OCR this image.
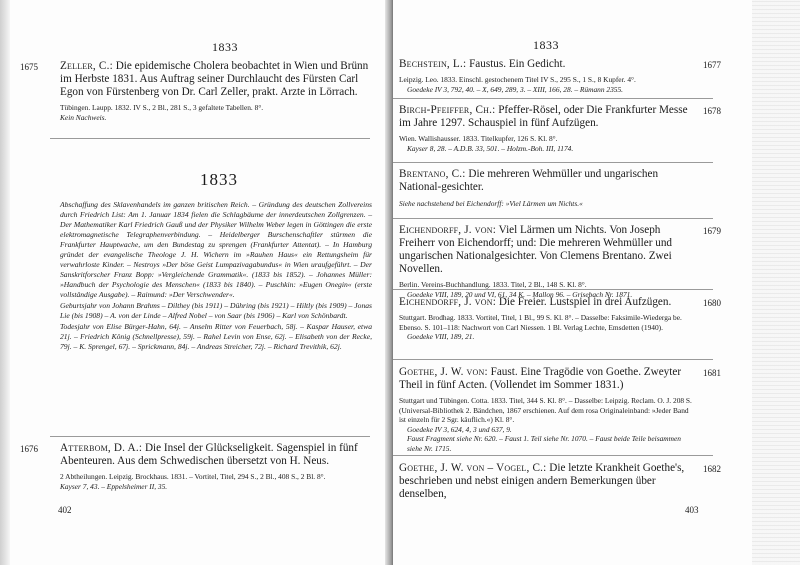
1833
1675 Zeller, C.: Die epidemische Cholera beobachtet in Wien und Brünn im Herbste 1831. Aus Auftrag seiner Durchlaucht des Fürsten Carl Egon von Fürstenberg von Dr. Carl Zeller, prakt. Arzte in Lörrach.
Tübingen. Laupp. 1832. IV S., 2 Bl., 281 S., 3 gefaltete Tabellen. 8°.
Kein Nachweis.
1833

Abschaffung des Sklavenhandels im ganzen britischen Reich. – Gründung des deutschen Zollvereins durch Friedrich List: Am 1. Januar 1834 fielen die Schlagbäume der innerdeutschen Zollgrenzen. – Der Mathematiker Karl Friedrich Gauß und der Physiker Wilhelm Weber legen in Göttingen die erste elektromagnetische Telegraphenverbindung. – Heidelberger Burschenschaftler stürmen die Frankfurter Hauptwache, um den Bundestag zu sprengen (Frankfurter Attentat). – In Hamburg gründet der evangelische Theologe J. H. Wichern im »Rauhen Haus« ein Rettungsheim für verwahrloste Kinder. – Nestroys »Der böse Geist Lumpazivagabundus« in Wien uraufgeführt. – Der Sanskritforscher Franz Bopp: »Vergleichende Grammatik«. (1833 bis 1852). – Johannes Müller: »Handbuch der Psychologie des Menschen« (1833 bis 1840). – Puschkin: »Eugen Onegin« (erste vollständige Ausgabe). – Raimund: »Der Verschwender«.

Geburtsjahr von Johann Brahms – Dilthey (bis 1911) – Dühring (bis 1921) – Hiltly (bis 1909) – Jonas Lie (bis 1908) – A. von der Linde – Alfred Nobel – von Saar (bis 1906) – Karl von Schönbardt.

Todesjahr von Elise Bürger-Hahn, 64j. – Anselm Ritter von Feuerbach, 58j. – Kaspar Hauser, etwa 21j. – Friedrich König (Schnellpresse), 59j. – Rahel Levin von Ense, 62j. – Elisabeth von der Recke, 79j. – K. Sprengel, 67j. – Sprickmann, 84j. – Andreas Streicher, 72j. – Richard Trevithik, 62j.

1676 Atterbom, D. A.: Die Insel der Glückseligkeit. Sagenspiel in fünf Abenteuren. Aus dem Schwedischen übersetzt von H. Neus.
2 Abtheilungen. Leipzig. Brockhaus. 1831. – Vortitel, Titel, 294 S., 2 Bl., 408 S., 2 Bl. 8°.
Kayser 7, 43. – Eppelsheimer II, 35.
402
1833
Bechstein, L.: Faustus. Ein Gedicht.	1677
Leipzig. Leo. 1833. Einschl. gestochenem Titel IV S., 295 S., 1 S., 8 Kupfer. 4°.
Goedeke IV 3, 792, 40. – X, 649, 289, 3. – XIII, 166, 28. – Rümann 2355.
Birch-Pfeiffer, Ch.: Pfeffer-Rösel, oder Die Frankfurter Messe im Jahre 1297. Schauspiel in fünf Aufzügen.
1678
Wien. Wallishausser. 1833. Titelkupfer, 126 S. Kl. 8°.
Kayser 8, 28. – A.D.B. 33, 501. – Holzm.-Boh. III, 1174.
Brentano, C.: Die mehreren Wehmüller und ungarischen National-gesichter.
Siehe nachstehend bei Eichendorff: »Viel Lärmen um Nichts.«
Eichendorff, J. von: Viel Lärmen um Nichts. Von Joseph Freiherr von Eichendorff; und: Die mehreren Wehmüller und ungarischen Nationalgesichter. Von Clemens Brentano. Zwei Novellen.
1679
Berlin. Vereins-Buchhandlung. 1833. Titel, 2 Bl., 148 S. Kl. 8°.
Goedeke VIII, 189, 20 und VI, 61, 34 K. – Mallon 96. – Grisebach Nr. 1871.
Eichendorff, J. von: Die Freier. Lustspiel in drei Aufzügen.	1680
Stuttgart. Brodhag. 1833. Vortitel, Titel, 1 Bl., 99 S. Kl. 8°. – Dasselbe: Faksimile-Wiederga be. Ebenso. S. 101–118: Nachwort von Carl Niessen. 1 Bl. Verlag Lechte, Emsdetten (1940).
Goedeke VIII, 189, 21.
Goethe, J. W. von: Faust. Eine Tragödie von Goethe. Zweyter Theil in fünf Acten. (Vollendet im Sommer 1831.)
1681
Stuttgart und Tübingen. Cotta. 1833. Titel, 344 S. Kl. 8°. – Dasselbe: Leipzig. Reclam. O. J. 208 S. (Universal-Bibliothek 2. Bändchen, 1867 erschienen. Auf dem rosa Originaleinband: »Jeder Band ist einzeln für 2 Sgr. käuflich.«) Kl. 8°.
Goedeke IV 3, 624, 4, 3 und 637, 9.
Faust Fragment siehe Nr. 620. – Faust 1. Teil siehe Nr. 1070. – Faust beide Teile beisammen siehe Nr. 1715.
Goethe, J. W. von – Vogel, C.: Die letzte Krankheit Goethe's, beschrieben und nebst einigen andern Bemerkungen über denselben,
1682
403
